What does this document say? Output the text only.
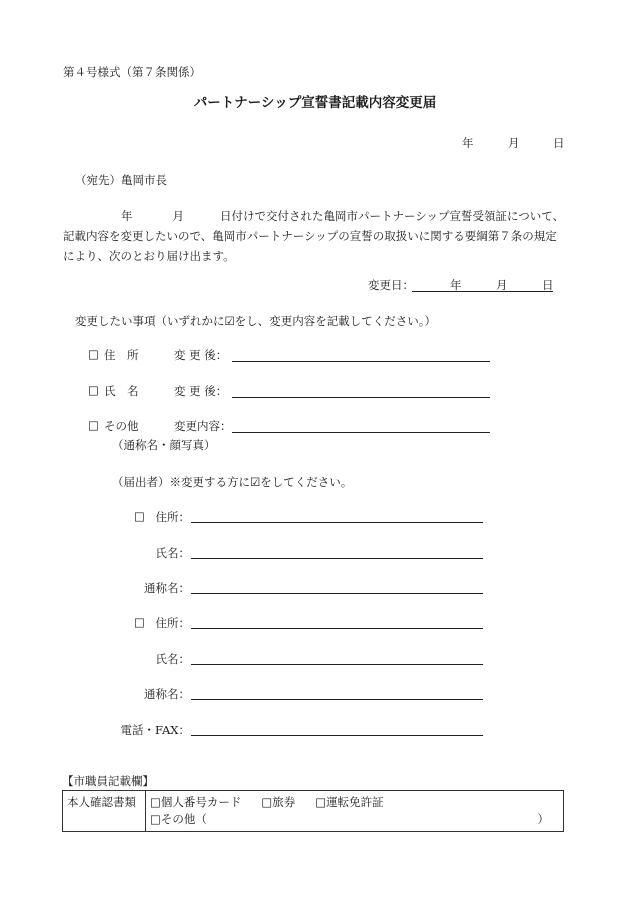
第４号様式（第７条関係）
パートナーシップ宣誓書記載内容変更届
年	月	日
（宛先）亀岡市長
年	月	日付けで交付された亀岡市パートナーシップ宣誓受領証について、
記載内容を変更したいので、亀岡市パートナーシップの宣誓の取扱いに関する要綱第７条の規定
により、次のとおり届け出ます。
変更日：	年	月	日
変更したい事項（いずれかに☑をし、変更内容を記載してください。）
□ 住　所	変 更 後：
□ 氏　名	変 更 後：
□ その他	変更内容：
（通称名・顔写真）
（届出者）※変更する方に☑をしてください。
□ 住所：
氏名：
通称名：
□ 住所：
氏名：
通称名：
電話・FAX：
【市職員記載欄】
本人確認書類	□個人番号カード □旅券 □運転免許証
□その他（	）
